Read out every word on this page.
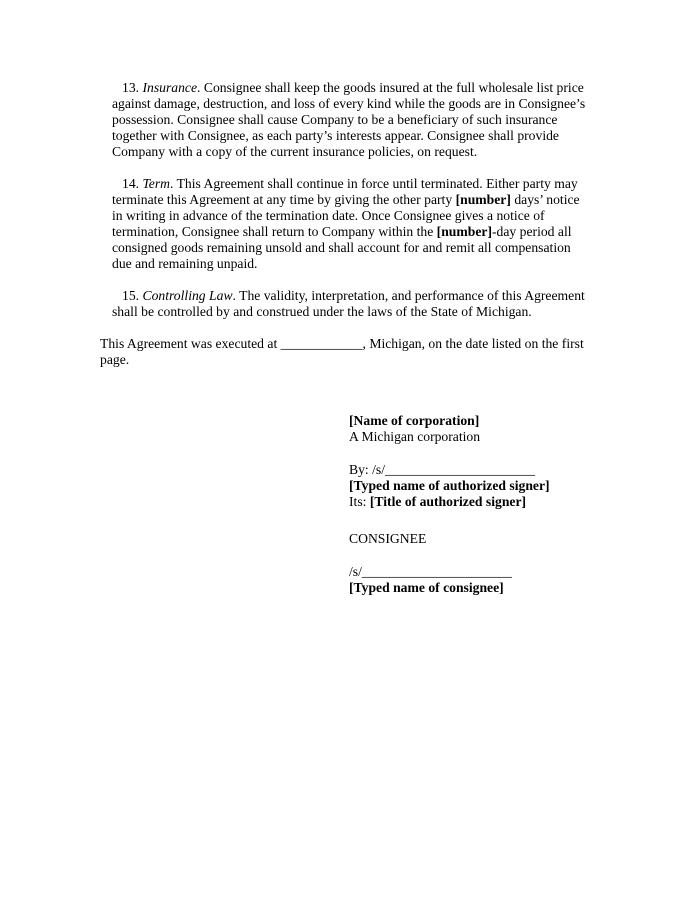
13. Insurance. Consignee shall keep the goods insured at the full wholesale list price against damage, destruction, and loss of every kind while the goods are in Consignee’s possession. Consignee shall cause Company to be a beneficiary of such insurance together with Consignee, as each party’s interests appear. Consignee shall provide Company with a copy of the current insurance policies, on request.

14. Term. This Agreement shall continue in force until terminated. Either party may terminate this Agreement at any time by giving the other party [number] days’ notice in writing in advance of the termination date. Once Consignee gives a notice of termination, Consignee shall return to Company within the [number]-day period all consigned goods remaining unsold and shall account for and remit all compensation due and remaining unpaid.

15. Controlling Law. The validity, interpretation, and performance of this Agreement shall be controlled by and construed under the laws of the State of Michigan.

This Agreement was executed at ____________, Michigan, on the date listed on the first page.

[Name of corporation]
A Michigan corporation
By: /s/______________________
[Typed name of authorized signer]
Its: [Title of authorized signer]
CONSIGNEE
/s/______________________
[Typed name of consignee]
